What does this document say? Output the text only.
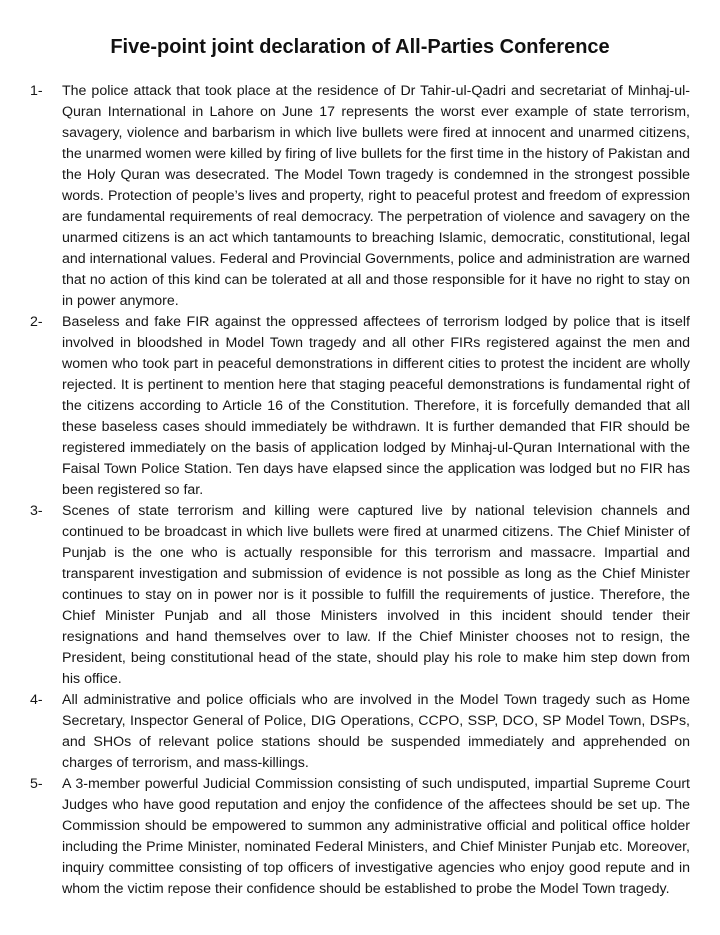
Five-point joint declaration of All-Parties Conference
1-	The police attack that took place at the residence of Dr Tahir-ul-Qadri and secretariat of Minhaj-ul-Quran International in Lahore on June 17 represents the worst ever example of state terrorism, savagery, violence and barbarism in which live bullets were fired at innocent and unarmed citizens, the unarmed women were killed by firing of live bullets for the first time in the history of Pakistan and the Holy Quran was desecrated. The Model Town tragedy is condemned in the strongest possible words. Protection of people’s lives and property, right to peaceful protest and freedom of expression are fundamental requirements of real democracy. The perpetration of violence and savagery on the unarmed citizens is an act which tantamounts to breaching Islamic, democratic, constitutional, legal and international values. Federal and Provincial Governments, police and administration are warned that no action of this kind can be tolerated at all and those responsible for it have no right to stay on in power anymore.
2-	Baseless and fake FIR against the oppressed affectees of terrorism lodged by police that is itself involved in bloodshed in Model Town tragedy and all other FIRs registered against the men and women who took part in peaceful demonstrations in different cities to protest the incident are wholly rejected. It is pertinent to mention here that staging peaceful demonstrations is fundamental right of the citizens according to Article 16 of the Constitution. Therefore, it is forcefully demanded that all these baseless cases should immediately be withdrawn. It is further demanded that FIR should be registered immediately on the basis of application lodged by Minhaj-ul-Quran International with the Faisal Town Police Station. Ten days have elapsed since the application was lodged but no FIR has been registered so far.
3-	Scenes of state terrorism and killing were captured live by national television channels and continued to be broadcast in which live bullets were fired at unarmed citizens. The Chief Minister of Punjab is the one who is actually responsible for this terrorism and massacre. Impartial and transparent investigation and submission of evidence is not possible as long as the Chief Minister continues to stay on in power nor is it possible to fulfill the requirements of justice. Therefore, the Chief Minister Punjab and all those Ministers involved in this incident should tender their resignations and hand themselves over to law. If the Chief Minister chooses not to resign, the President, being constitutional head of the state, should play his role to make him step down from his office.
4-	All administrative and police officials who are involved in the Model Town tragedy such as Home Secretary, Inspector General of Police, DIG Operations, CCPO, SSP, DCO, SP Model Town, DSPs, and SHOs of relevant police stations should be suspended immediately and apprehended on charges of terrorism, and mass-killings.
5-	A 3-member powerful Judicial Commission consisting of such undisputed, impartial Supreme Court Judges who have good reputation and enjoy the confidence of the affectees should be set up. The Commission should be empowered to summon any administrative official and political office holder including the Prime Minister, nominated Federal Ministers, and Chief Minister Punjab etc. Moreover, inquiry committee consisting of top officers of investigative agencies who enjoy good repute and in whom the victim repose their confidence should be established to probe the Model Town tragedy.
